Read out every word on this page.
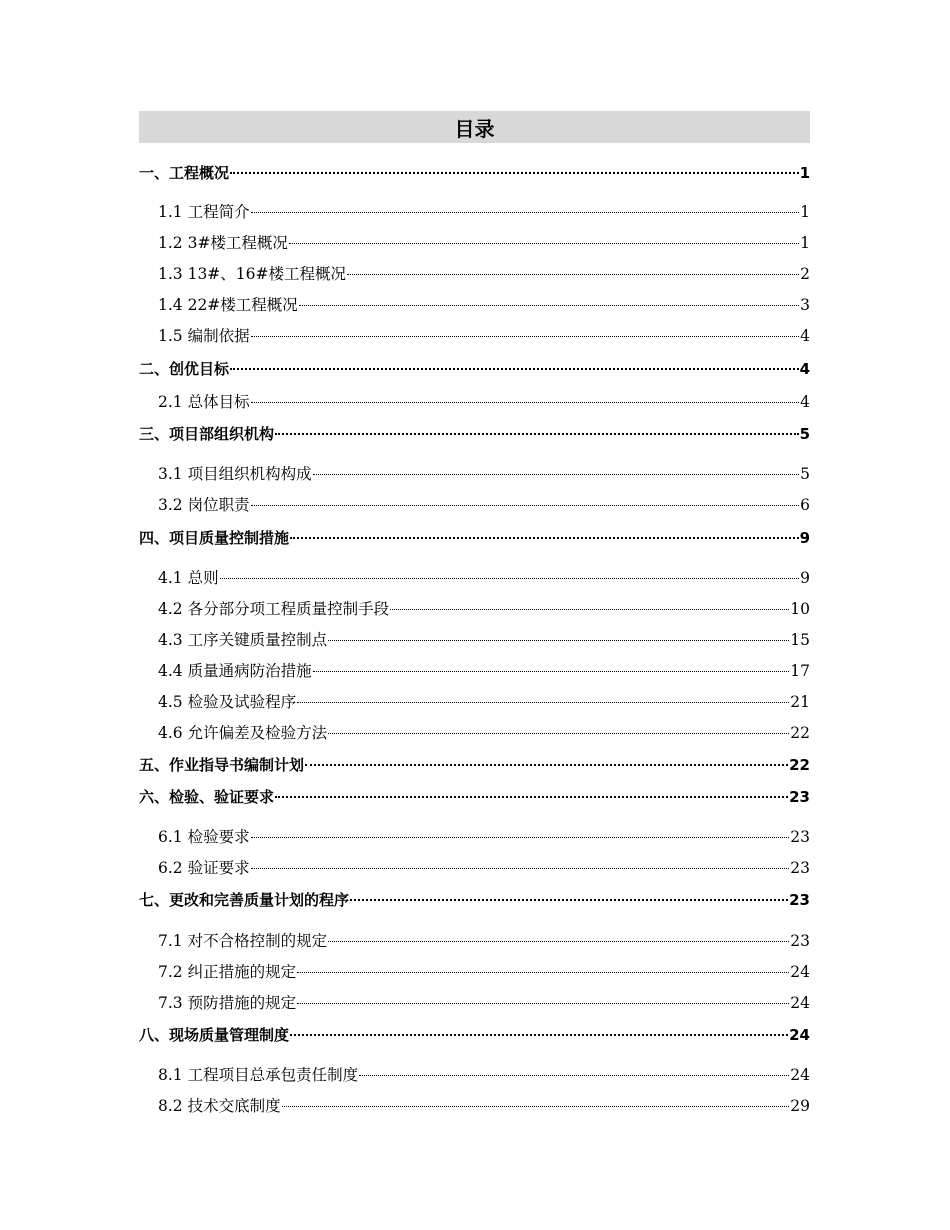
目录
一、工程概况	1
1.1 工程简介	1
1.2 3#楼工程概况	1
1.3 13#、16#楼工程概况	2
1.4 22#楼工程概况	3
1.5 编制依据	4
二、创优目标	4
2.1 总体目标	4
三、项目部组织机构	5
3.1 项目组织机构构成	5
3.2 岗位职责	6
四、项目质量控制措施	9
4.1 总则	9
4.2 各分部分项工程质量控制手段	10
4.3 工序关键质量控制点	15
4.4 质量通病防治措施	17
4.5 检验及试验程序	21
4.6 允许偏差及检验方法	22
五、作业指导书编制计划	22
六、检验、验证要求	23
6.1 检验要求	23
6.2 验证要求	23
七、更改和完善质量计划的程序	23
7.1 对不合格控制的规定	23
7.2 纠正措施的规定	24
7.3 预防措施的规定	24
八、现场质量管理制度	24
8.1 工程项目总承包责任制度	24
8.2 技术交底制度	29
